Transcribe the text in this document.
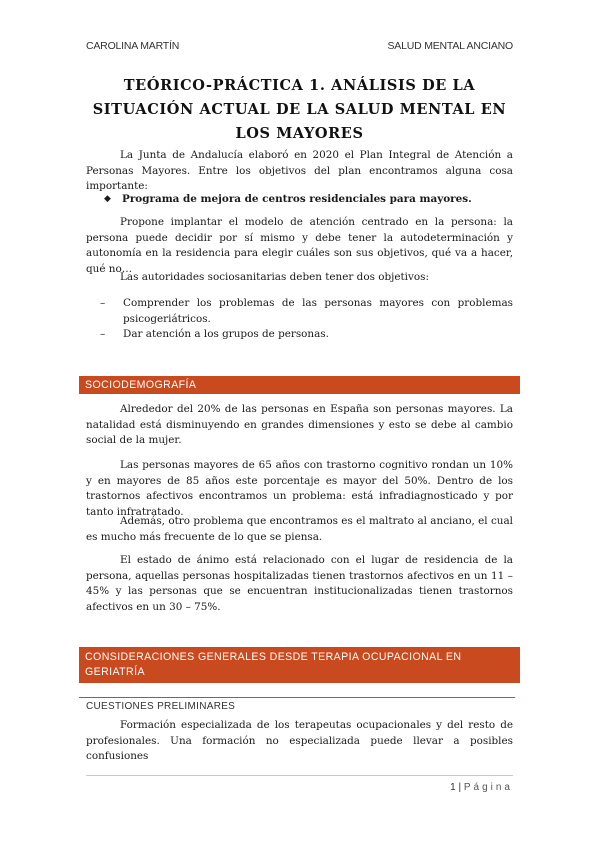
CAROLINA MARTÍN	SALUD MENTAL ANCIANO
TEÓRICO-PRÁCTICA 1. ANÁLISIS DE LA SITUACIÓN ACTUAL DE LA SALUD MENTAL EN LOS MAYORES

La Junta de Andalucía elaboró en 2020 el Plan Integral de Atención a Personas Mayores. Entre los objetivos del plan encontramos alguna cosa importante:

◆ Programa de mejora de centros residenciales para mayores.

Propone implantar el modelo de atención centrado en la persona: la persona puede decidir por sí mismo y debe tener la autodeterminación y autonomía en la residencia para elegir cuáles son sus objetivos, qué va a hacer, qué no…

Las autoridades sociosanitarias deben tener dos objetivos:

– Comprender los problemas de las personas mayores con problemas psicogeriátricos.
– Dar atención a los grupos de personas.
SOCIODEMOGRAFÍA

Alrededor del 20% de las personas en España son personas mayores. La natalidad está disminuyendo en grandes dimensiones y esto se debe al cambio social de la mujer.

Las personas mayores de 65 años con trastorno cognitivo rondan un 10% y en mayores de 85 años este porcentaje es mayor del 50%. Dentro de los trastornos afectivos encontramos un problema: está infradiagnosticado y por tanto infratratado.

Además, otro problema que encontramos es el maltrato al anciano, el cual es mucho más frecuente de lo que se piensa.

El estado de ánimo está relacionado con el lugar de residencia de la persona, aquellas personas hospitalizadas tienen trastornos afectivos en un 11 – 45% y las personas que se encuentran institucionalizadas tienen trastornos afectivos en un 30 – 75%.

CONSIDERACIONES GENERALES DESDE TERAPIA OCUPACIONAL EN GERIATRÍA
CUESTIONES PRELIMINARES

Formación especializada de los terapeutas ocupacionales y del resto de profesionales. Una formación no especializada puede llevar a posibles confusiones

1 | Página
